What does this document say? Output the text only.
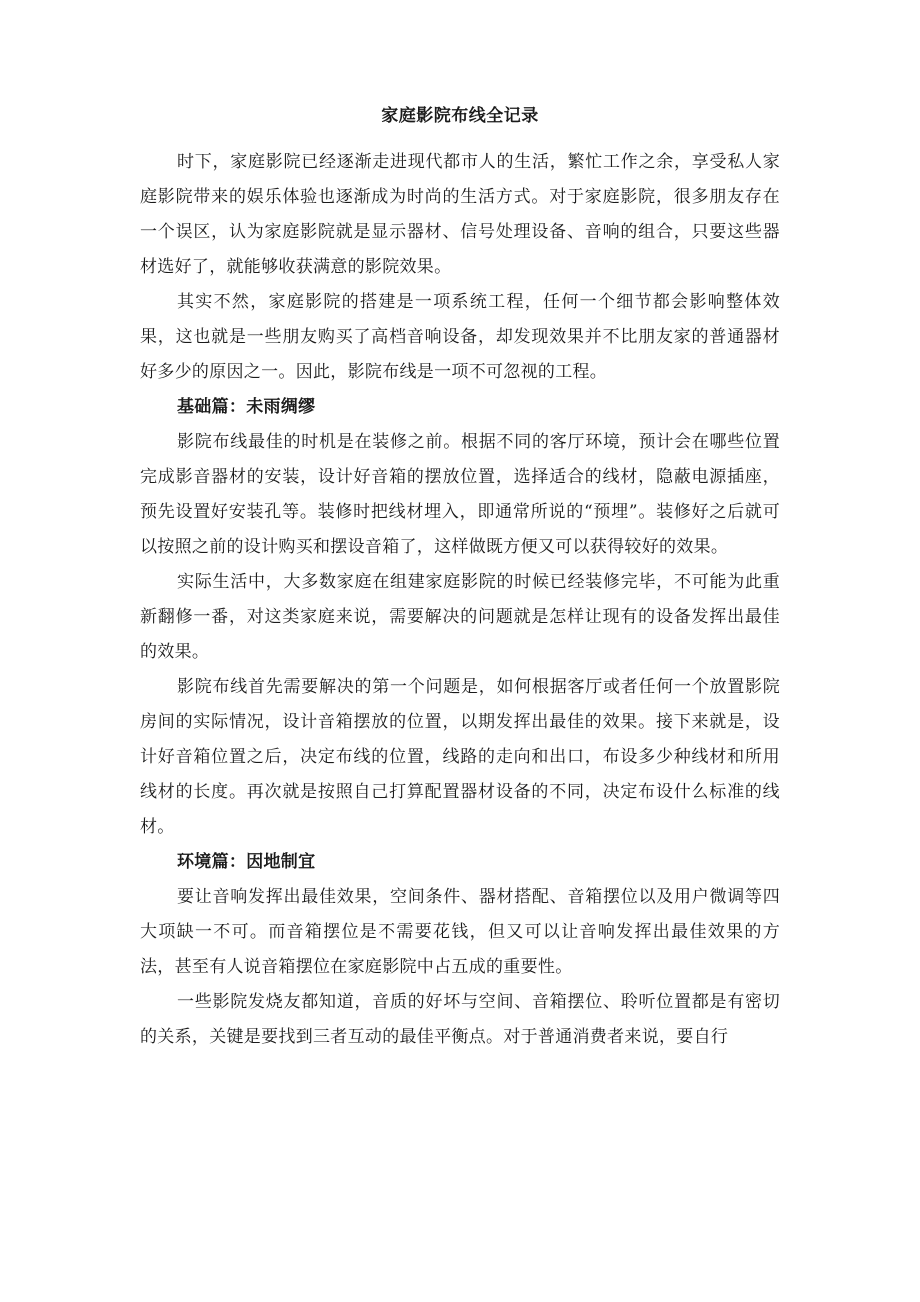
家庭影院布线全记录

时下，家庭影院已经逐渐走进现代都市人的生活，繁忙工作之余，享受私人家庭影院带来的娱乐体验也逐渐成为时尚的生活方式。对于家庭影院，很多朋友存在一个误区，认为家庭影院就是显示器材、信号处理设备、音响的组合，只要这些器材选好了，就能够收获满意的影院效果。

其实不然，家庭影院的搭建是一项系统工程，任何一个细节都会影响整体效果，这也就是一些朋友购买了高档音响设备，却发现效果并不比朋友家的普通器材好多少的原因之一。因此，影院布线是一项不可忽视的工程。

基础篇：未雨绸缪

影院布线最佳的时机是在装修之前。根据不同的客厅环境，预计会在哪些位置完成影音器材的安装，设计好音箱的摆放位置，选择适合的线材，隐蔽电源插座，预先设置好安装孔等。装修时把线材埋入，即通常所说的“预埋”。装修好之后就可以按照之前的设计购买和摆设音箱了，这样做既方便又可以获得较好的效果。

实际生活中，大多数家庭在组建家庭影院的时候已经装修完毕，不可能为此重新翻修一番，对这类家庭来说，需要解决的问题就是怎样让现有的设备发挥出最佳的效果。

影院布线首先需要解决的第一个问题是，如何根据客厅或者任何一个放置影院房间的实际情况，设计音箱摆放的位置，以期发挥出最佳的效果。接下来就是，设计好音箱位置之后，决定布线的位置，线路的走向和出口，布设多少种线材和所用线材的长度。再次就是按照自己打算配置器材设备的不同，决定布设什么标准的线材。

环境篇：因地制宜

要让音响发挥出最佳效果，空间条件、器材搭配、音箱摆位以及用户微调等四大项缺一不可。而音箱摆位是不需要花钱，但又可以让音响发挥出最佳效果的方法，甚至有人说音箱摆位在家庭影院中占五成的重要性。

一些影院发烧友都知道，音质的好坏与空间、音箱摆位、聆听位置都是有密切的关系，关键是要找到三者互动的最佳平衡点。对于普通消费者来说，要自行
